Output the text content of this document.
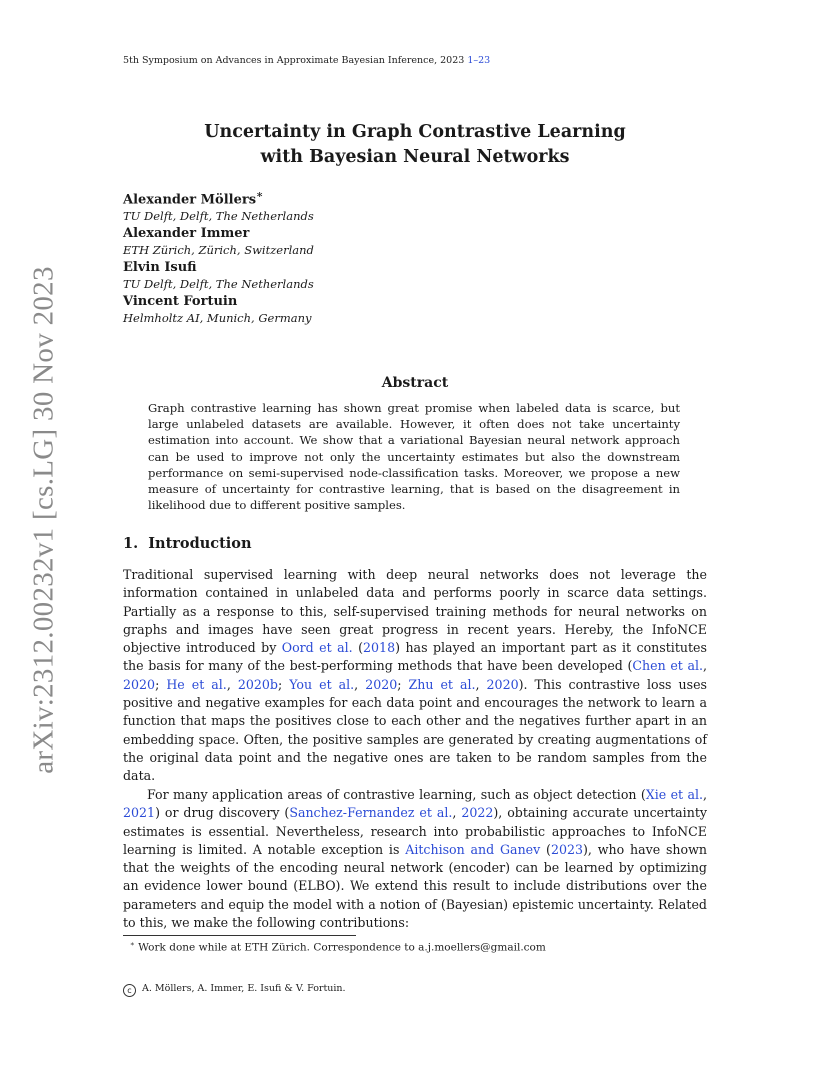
5th Symposium on Advances in Approximate Bayesian Inference, 2023 1–23
arXiv:2312.00232v1 [cs.LG] 30 Nov 2023
Uncertainty in Graph Contrastive Learning
with Bayesian Neural Networks
Alexander Möllers∗
TU Delft, Delft, The Netherlands
Alexander Immer
ETH Zürich, Zürich, Switzerland
Elvin Isufi
TU Delft, Delft, The Netherlands
Vincent Fortuin
Helmholtz AI, Munich, Germany
Abstract

Graph contrastive learning has shown great promise when labeled data is scarce, but large unlabeled datasets are available. However, it often does not take uncertainty estimation into account. We show that a variational Bayesian neural network approach can be used to improve not only the uncertainty estimates but also the downstream performance on semi-supervised node-classification tasks. Moreover, we propose a new measure of uncertainty for contrastive learning, that is based on the disagreement in likelihood due to different positive samples.

1. Introduction

Traditional supervised learning with deep neural networks does not leverage the information contained in unlabeled data and performs poorly in scarce data settings. Partially as a response to this, self-supervised training methods for neural networks on graphs and images have seen great progress in recent years. Hereby, the InfoNCE objective introduced by Oord et al. (2018) has played an important part as it constitutes the basis for many of the best-performing methods that have been developed (Chen et al., 2020; He et al., 2020b; You et al., 2020; Zhu et al., 2020). This contrastive loss uses positive and negative examples for each data point and encourages the network to learn a function that maps the positives close to each other and the negatives further apart in an embedding space. Often, the positive samples are generated by creating augmentations of the original data point and the negative ones are taken to be random samples from the data.

For many application areas of contrastive learning, such as object detection (Xie et al., 2021) or drug discovery (Sanchez-Fernandez et al., 2022), obtaining accurate uncertainty estimates is essential. Nevertheless, research into probabilistic approaches to InfoNCE learning is limited. A notable exception is Aitchison and Ganev (2023), who have shown that the weights of the encoding neural network (encoder) can be learned by optimizing an evidence lower bound (ELBO). We extend this result to include distributions over the parameters and equip the model with a notion of (Bayesian) epistemic uncertainty. Related to this, we make the following contributions:

∗ Work done while at ETH Zürich. Correspondence to a.j.moellers@gmail.com
c A. Möllers, A. Immer, E. Isufi & V. Fortuin.
